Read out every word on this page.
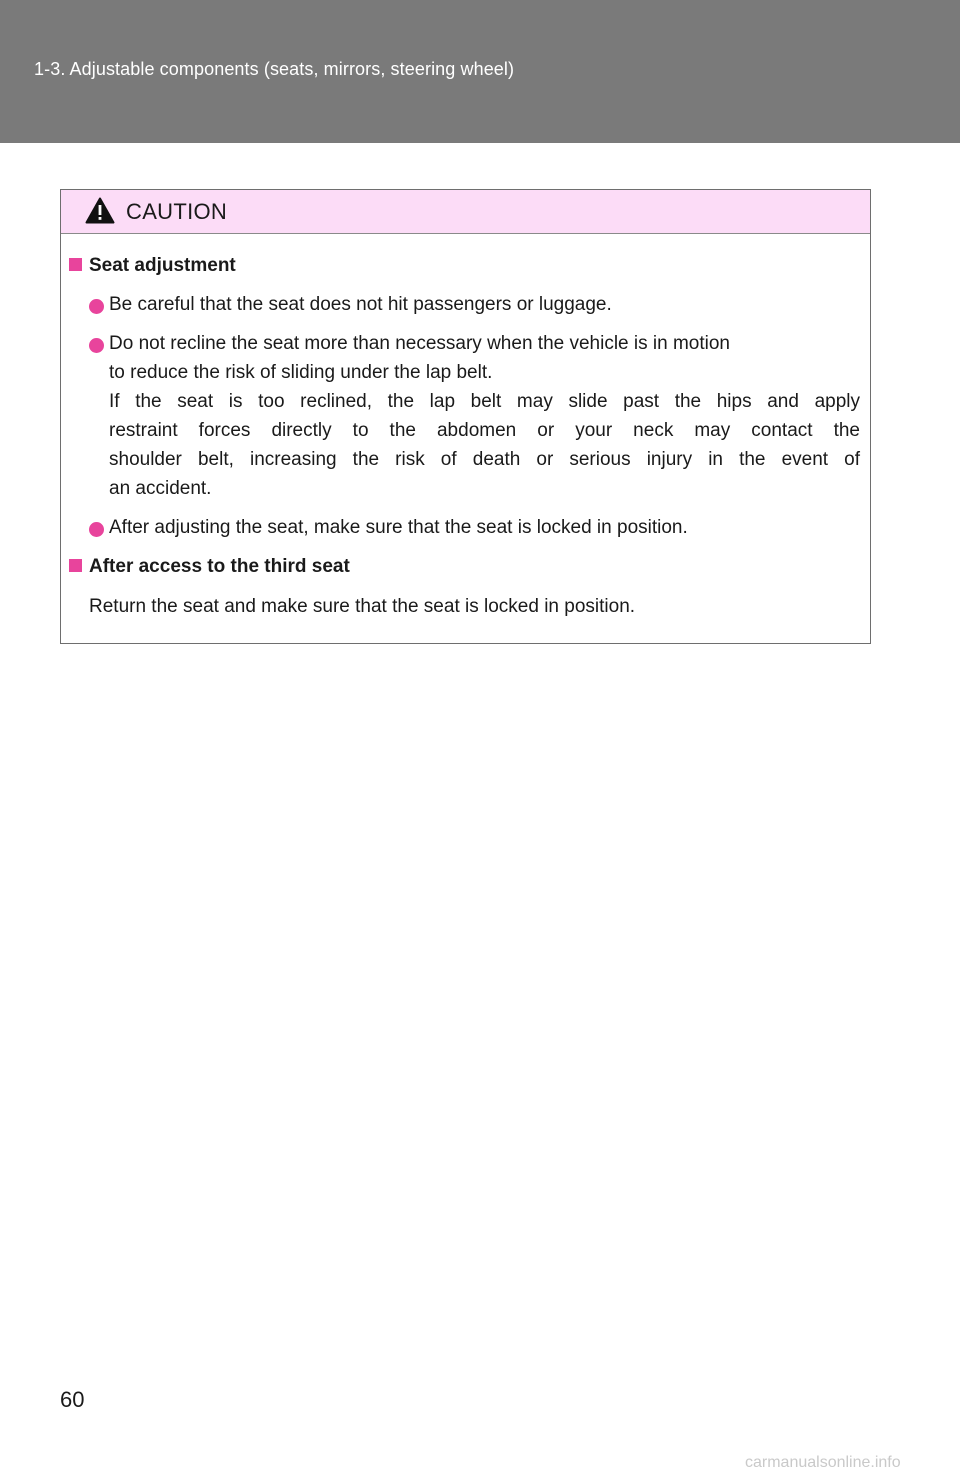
1-3. Adjustable components (seats, mirrors, steering wheel)
CAUTION
Seat adjustment
Be careful that the seat does not hit passengers or luggage.
Do not recline the seat more than necessary when the vehicle is in motion
to reduce the risk of sliding under the lap belt.
If the seat is too reclined, the lap belt may slide past the hips and apply
restraint forces directly to the abdomen or your neck may contact the
shoulder belt, increasing the risk of death or serious injury in the event of
an accident.
After adjusting the seat, make sure that the seat is locked in position.
After access to the third seat
Return the seat and make sure that the seat is locked in position.
60
carmanualsonline.info
